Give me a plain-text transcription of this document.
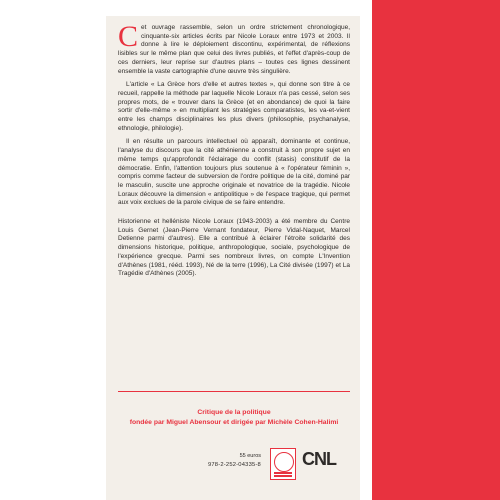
Cet ouvrage rassemble, selon un ordre strictement chronologique, cinquante-six articles écrits par Nicole Loraux entre 1973 et 2003. Il donne à lire le déploiement discontinu, expérimental, de réflexions lisibles sur le même plan que celui des livres publiés, et l'effet d'après-coup de ces derniers, leur reprise sur d'autres plans – toutes ces lignes dessinent ensemble la vaste cartographie d'une œuvre très singulière.

L'article « La Grèce hors d'elle et autres textes », qui donne son titre à ce recueil, rappelle la méthode par laquelle Nicole Loraux n'a pas cessé, selon ses propres mots, de « trouver dans la Grèce (et en abondance) de quoi la faire sortir d'elle-même » en multipliant les stratégies comparatistes, les va-et-vient entre les champs disciplinaires les plus divers (philosophie, psychanalyse, ethnologie, philologie).

Il en résulte un parcours intellectuel où apparaît, dominante et continue, l'analyse du discours que la cité athénienne a construit à son propre sujet en même temps qu'approfondit l'éclairage du conflit (stasis) constitutif de la démocratie. Enfin, l'attention toujours plus soutenue à « l'opérateur féminin », compris comme facteur de subversion de l'ordre politique de la cité, dominé par le masculin, suscite une approche originale et novatrice de la tragédie. Nicole Loraux découvre la dimension « antipolitique » de l'espace tragique, qui permet aux voix exclues de la parole civique de se faire entendre.

Historienne et helléniste Nicole Loraux (1943-2003) a été membre du Centre Louis Gernet (Jean-Pierre Vernant fondateur, Pierre Vidal-Naquet, Marcel Detienne parmi d'autres). Elle a contribué à éclairer l'étroite solidarité des dimensions historique, politique, anthropologique, sociale, psychologique de l'expérience grecque. Parmi ses nombreux livres, on compte L'Invention d'Athènes (1981, rééd. 1993), Né de la terre (1996), La Cité divisée (1997) et La Tragédie d'Athènes (2005).

Critique de la politique
fondée par Miguel Abensour et dirigée par Michèle Cohen-Halimi
55 euros
978-2-252-04335-8 CNL
